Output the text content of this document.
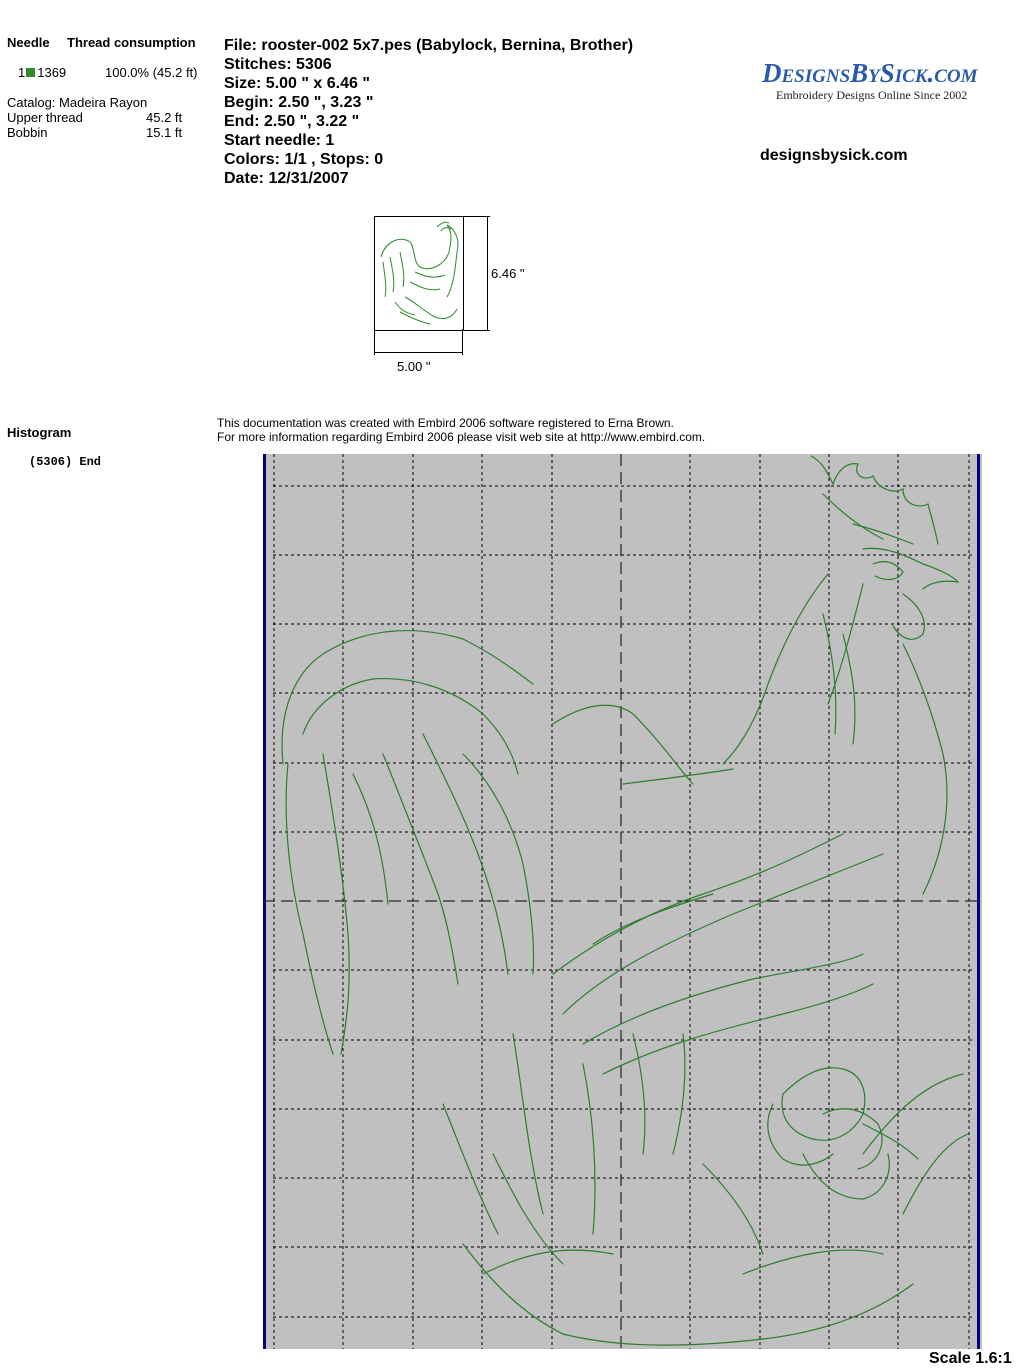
Needle Thread consumption
1 1369	100.0% (45.2 ft)
Catalog: Madeira Rayon
Upper thread	45.2 ft
Bobbin	15.1 ft
File: rooster-002 5x7.pes (Babylock, Bernina, Brother)
Stitches: 5306
Size: 5.00 " x 6.46 "
Begin: 2.50 ", 3.23 "
End: 2.50 ", 3.22 "
Start needle: 1
Colors: 1/1 , Stops: 0
Date: 12/31/2007
DesignsBySick.com
Embroidery Designs Online Since 2002
designsbysick.com
6.46 "
5.00 "
Histogram
(5306) End
This documentation was created with Embird 2006 software registered to Erna Brown.
For more information regarding Embird 2006 please visit web site at http://www.embird.com.
Scale 1.6:1
